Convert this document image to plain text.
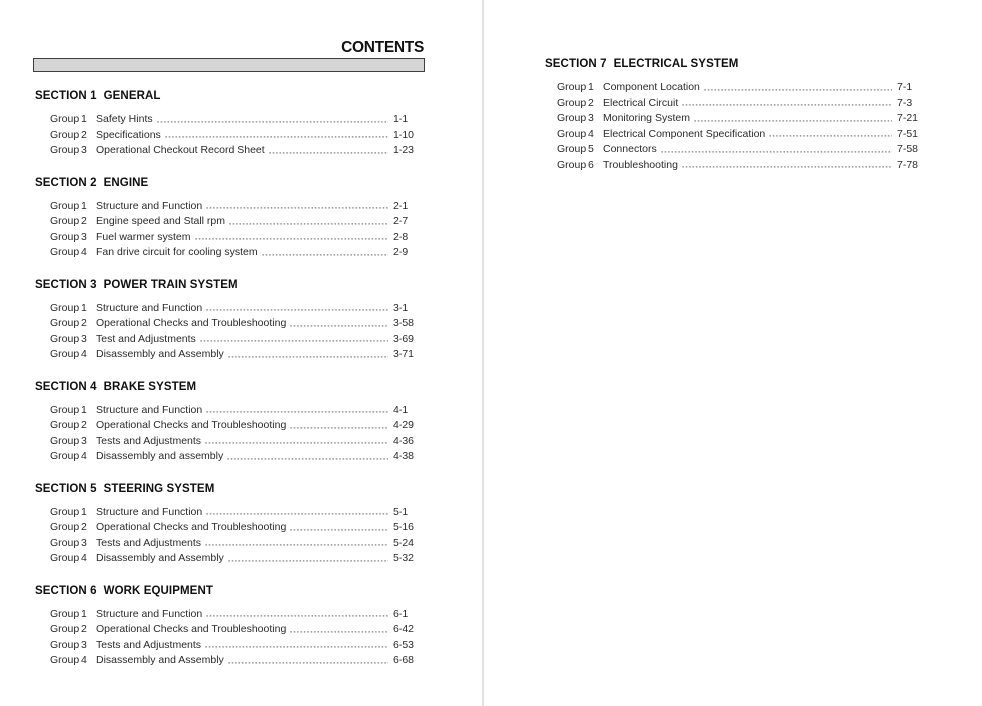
CONTENTS
SECTION 1 GENERAL
Group 1 Safety Hints	1-1
Group 2 Specifications	1-10
Group 3 Operational Checkout Record Sheet	1-23
SECTION 2 ENGINE
Group 1 Structure and Function	2-1
Group 2 Engine speed and Stall rpm	2-7
Group 3 Fuel warmer system	2-8
Group 4 Fan drive circuit for cooling system	2-9
SECTION 3 POWER TRAIN SYSTEM
Group 1 Structure and Function	3-1
Group 2 Operational Checks and Troubleshooting	3-58
Group 3 Test and Adjustments	3-69
Group 4 Disassembly and Assembly	3-71
SECTION 4 BRAKE SYSTEM
Group 1 Structure and Function	4-1
Group 2 Operational Checks and Troubleshooting	4-29
Group 3 Tests and Adjustments	4-36
Group 4 Disassembly and assembly	4-38
SECTION 5 STEERING SYSTEM
Group 1 Structure and Function	5-1
Group 2 Operational Checks and Troubleshooting	5-16
Group 3 Tests and Adjustments	5-24
Group 4 Disassembly and Assembly	5-32
SECTION 6 WORK EQUIPMENT
Group 1 Structure and Function	6-1
Group 2 Operational Checks and Troubleshooting	6-42
Group 3 Tests and Adjustments	6-53
Group 4 Disassembly and Assembly	6-68
SECTION 7 ELECTRICAL SYSTEM
Group 1 Component Location	7-1
Group 2 Electrical Circuit	7-3
Group 3 Monitoring System	7-21
Group 4 Electrical Component Specification	7-51
Group 5 Connectors	7-58
Group 6 Troubleshooting	7-78
